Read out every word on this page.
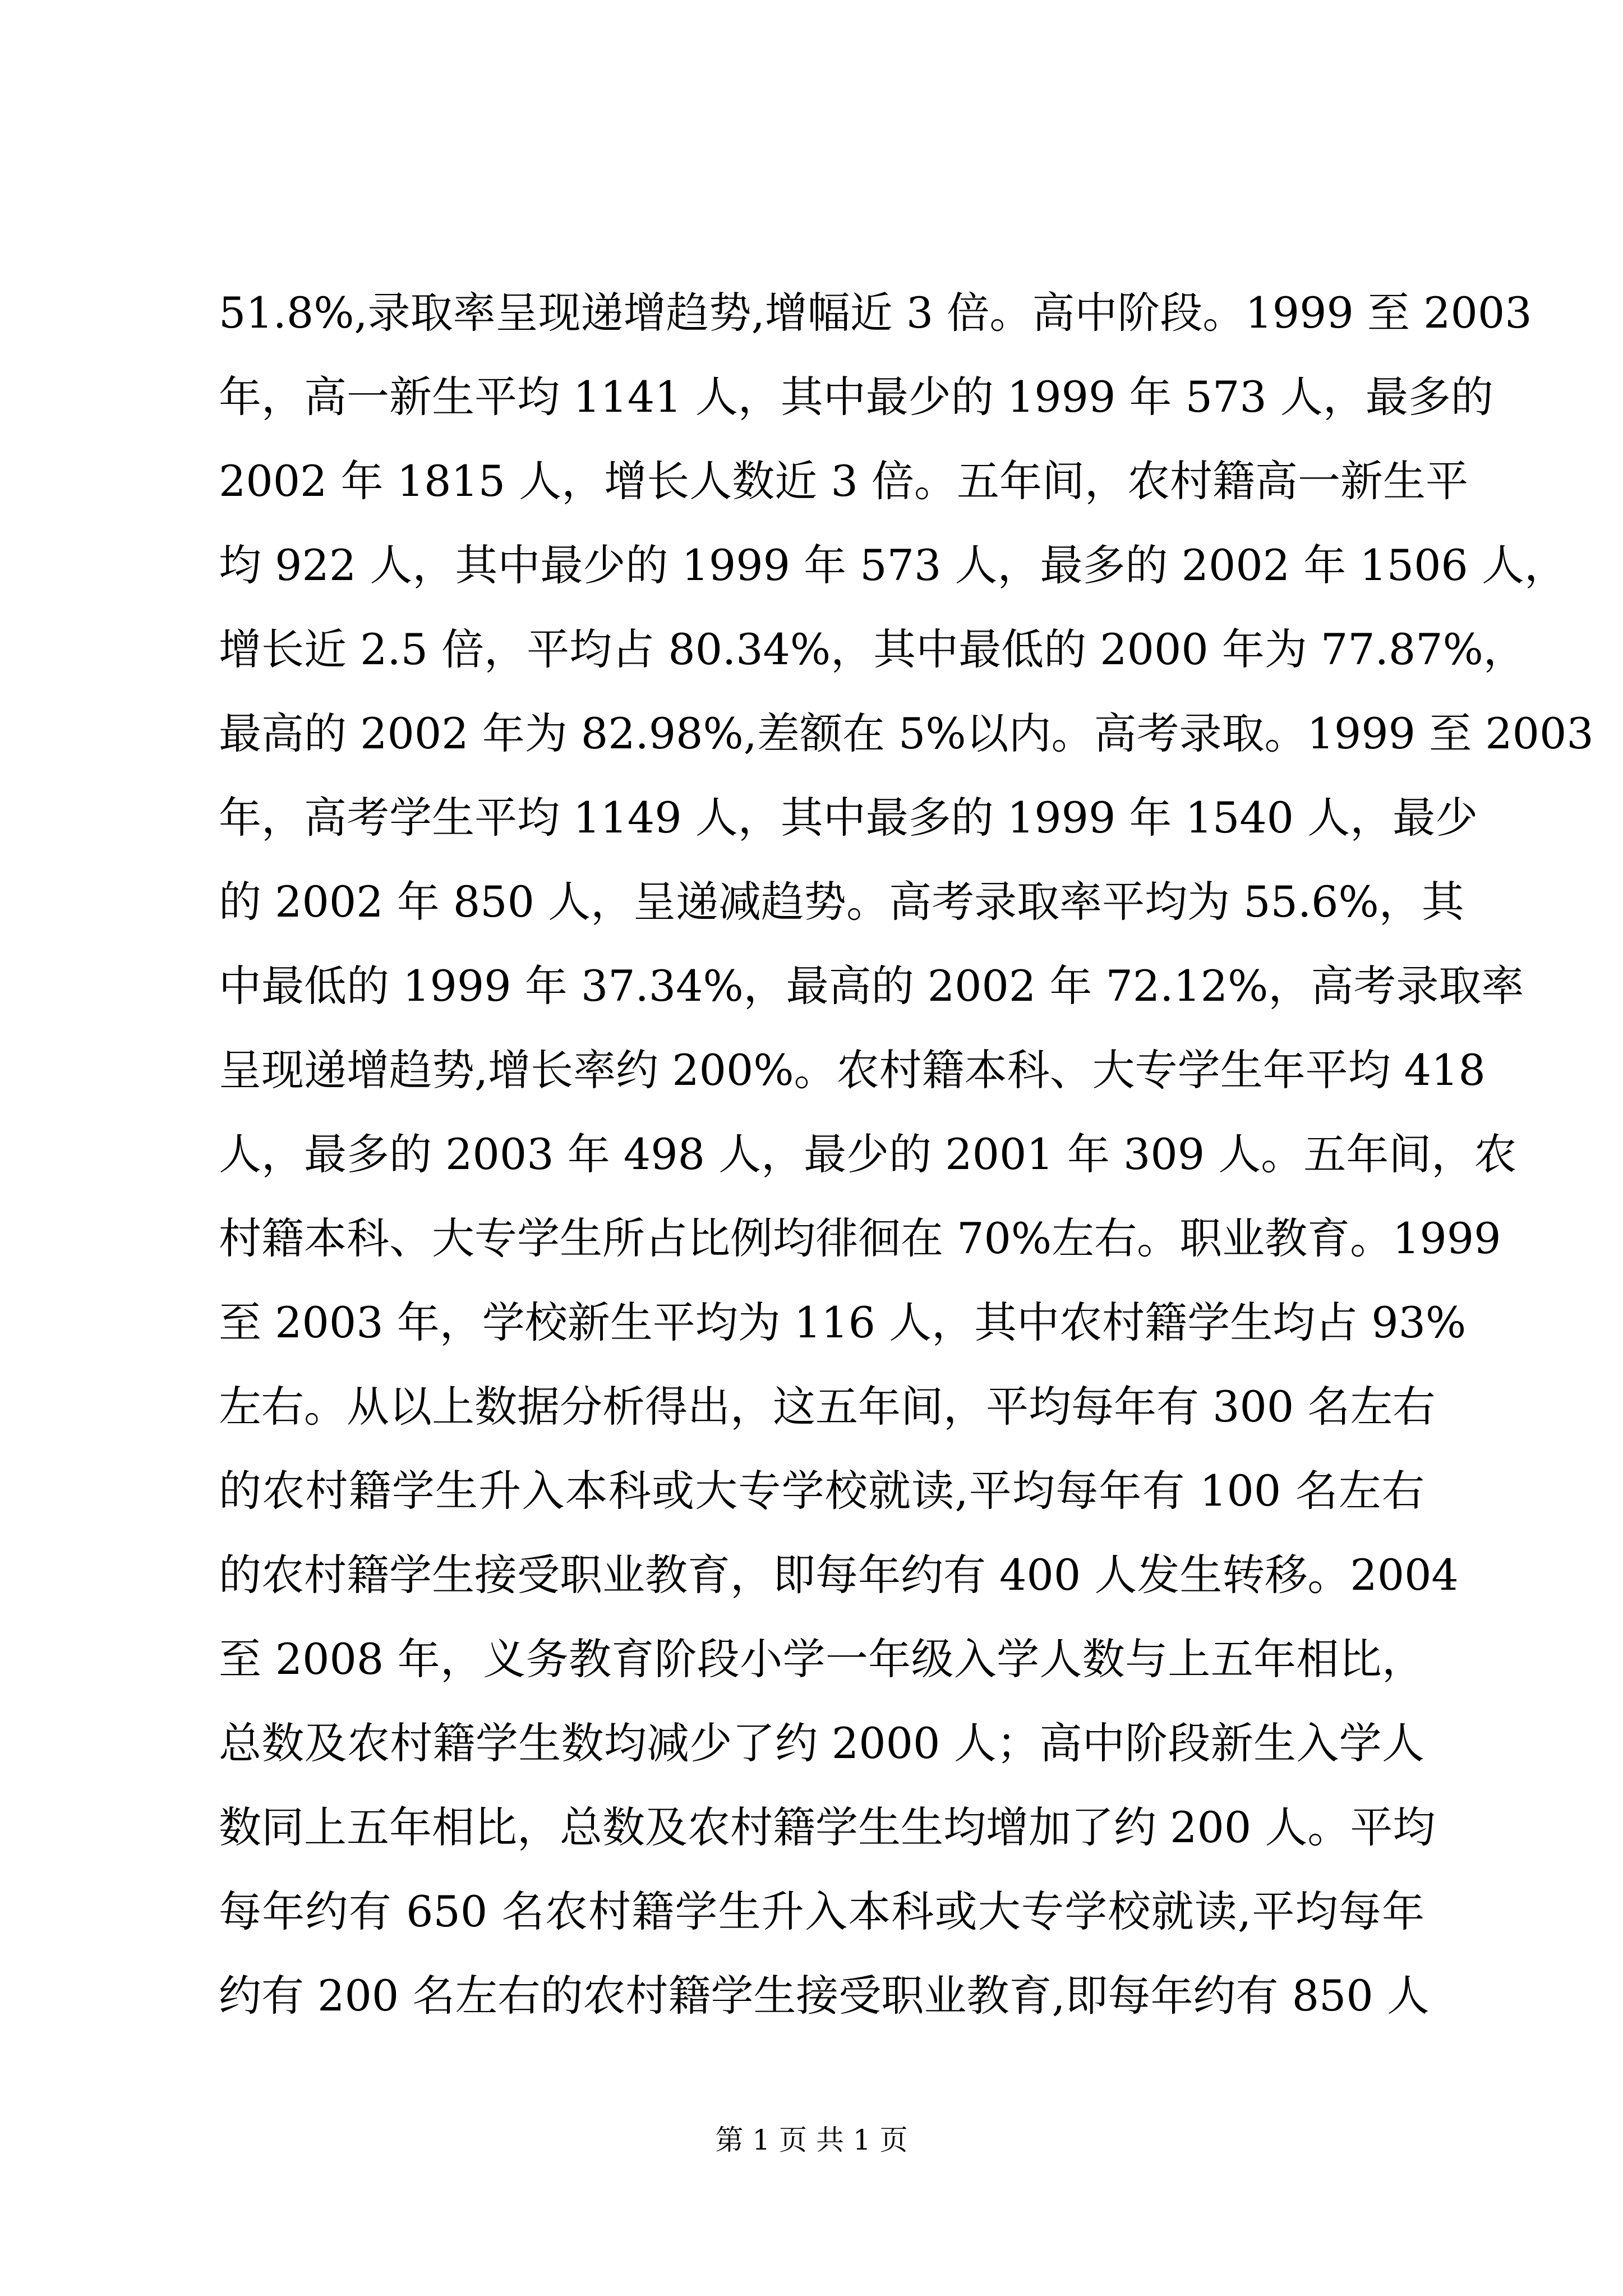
51.8%,录取率呈现递增趋势,增幅近 3 倍。高中阶段。1999 至 2003
年，高一新生平均 1141 人，其中最少的 1999 年 573 人，最多的
2002 年 1815 人，增长人数近 3 倍。五年间，农村籍高一新生平
均 922 人，其中最少的 1999 年 573 人，最多的 2002 年 1506 人，
增长近 2.5 倍，平均占 80.34%，其中最低的 2000 年为 77.87%，
最高的 2002 年为 82.98%,差额在 5%以内。高考录取。1999 至 2003
年，高考学生平均 1149 人，其中最多的 1999 年 1540 人，最少
的 2002 年 850 人，呈递减趋势。高考录取率平均为 55.6%，其
中最低的 1999 年 37.34%，最高的 2002 年 72.12%，高考录取率
呈现递增趋势,增长率约 200%。农村籍本科、大专学生年平均 418
人，最多的 2003 年 498 人，最少的 2001 年 309 人。五年间，农
村籍本科、大专学生所占比例均徘徊在 70%左右。职业教育。1999
至 2003 年，学校新生平均为 116 人，其中农村籍学生均占 93%
左右。从以上数据分析得出，这五年间，平均每年有 300 名左右
的农村籍学生升入本科或大专学校就读,平均每年有 100 名左右
的农村籍学生接受职业教育，即每年约有 400 人发生转移。2004
至 2008 年，义务教育阶段小学一年级入学人数与上五年相比，
总数及农村籍学生数均减少了约 2000 人；高中阶段新生入学人
数同上五年相比，总数及农村籍学生生均增加了约 200 人。平均
每年约有 650 名农村籍学生升入本科或大专学校就读,平均每年
约有 200 名左右的农村籍学生接受职业教育,即每年约有 850 人
第 1 页 共 1 页
